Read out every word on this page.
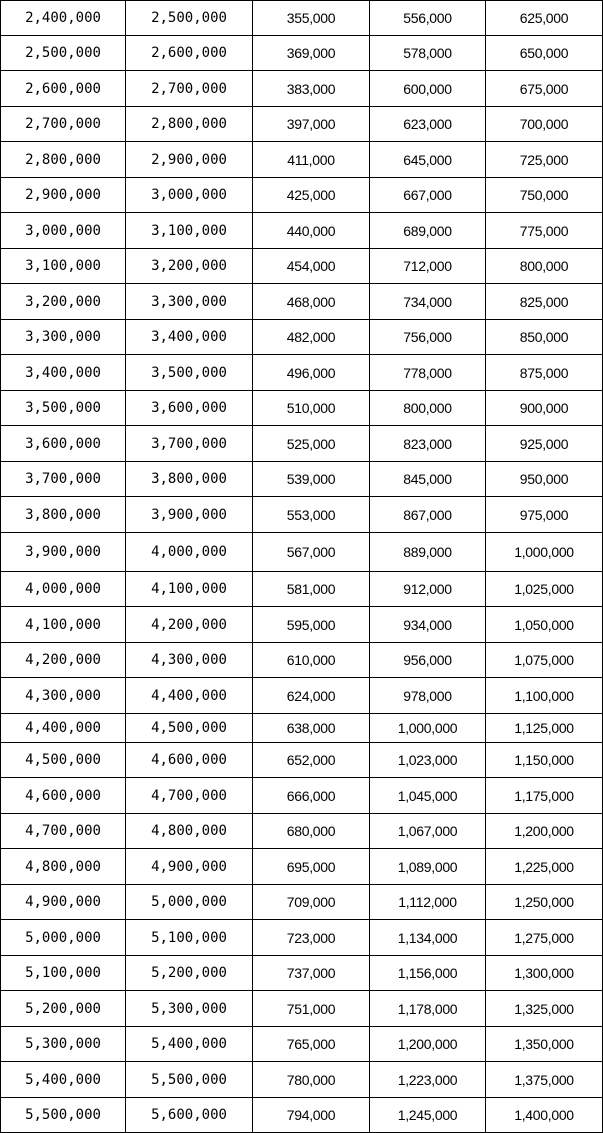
2,400,000	2,500,000	355,000	556,000	625,000
2,500,000	2,600,000	369,000	578,000	650,000
2,600,000	2,700,000	383,000	600,000	675,000
2,700,000	2,800,000	397,000	623,000	700,000
2,800,000	2,900,000	411,000	645,000	725,000
2,900,000	3,000,000	425,000	667,000	750,000
3,000,000	3,100,000	440,000	689,000	775,000
3,100,000	3,200,000	454,000	712,000	800,000
3,200,000	3,300,000	468,000	734,000	825,000
3,300,000	3,400,000	482,000	756,000	850,000
3,400,000	3,500,000	496,000	778,000	875,000
3,500,000	3,600,000	510,000	800,000	900,000
3,600,000	3,700,000	525,000	823,000	925,000
3,700,000	3,800,000	539,000	845,000	950,000
3,800,000	3,900,000	553,000	867,000	975,000
3,900,000	4,000,000	567,000	889,000	1,000,000
4,000,000	4,100,000	581,000	912,000	1,025,000
4,100,000	4,200,000	595,000	934,000	1,050,000
4,200,000	4,300,000	610,000	956,000	1,075,000
4,300,000	4,400,000	624,000	978,000	1,100,000
4,400,000	4,500,000	638,000	1,000,000	1,125,000
4,500,000	4,600,000	652,000	1,023,000	1,150,000
4,600,000	4,700,000	666,000	1,045,000	1,175,000
4,700,000	4,800,000	680,000	1,067,000	1,200,000
4,800,000	4,900,000	695,000	1,089,000	1,225,000
4,900,000	5,000,000	709,000	1,112,000	1,250,000
5,000,000	5,100,000	723,000	1,134,000	1,275,000
5,100,000	5,200,000	737,000	1,156,000	1,300,000
5,200,000	5,300,000	751,000	1,178,000	1,325,000
5,300,000	5,400,000	765,000	1,200,000	1,350,000
5,400,000	5,500,000	780,000	1,223,000	1,375,000
5,500,000	5,600,000	794,000	1,245,000	1,400,000
